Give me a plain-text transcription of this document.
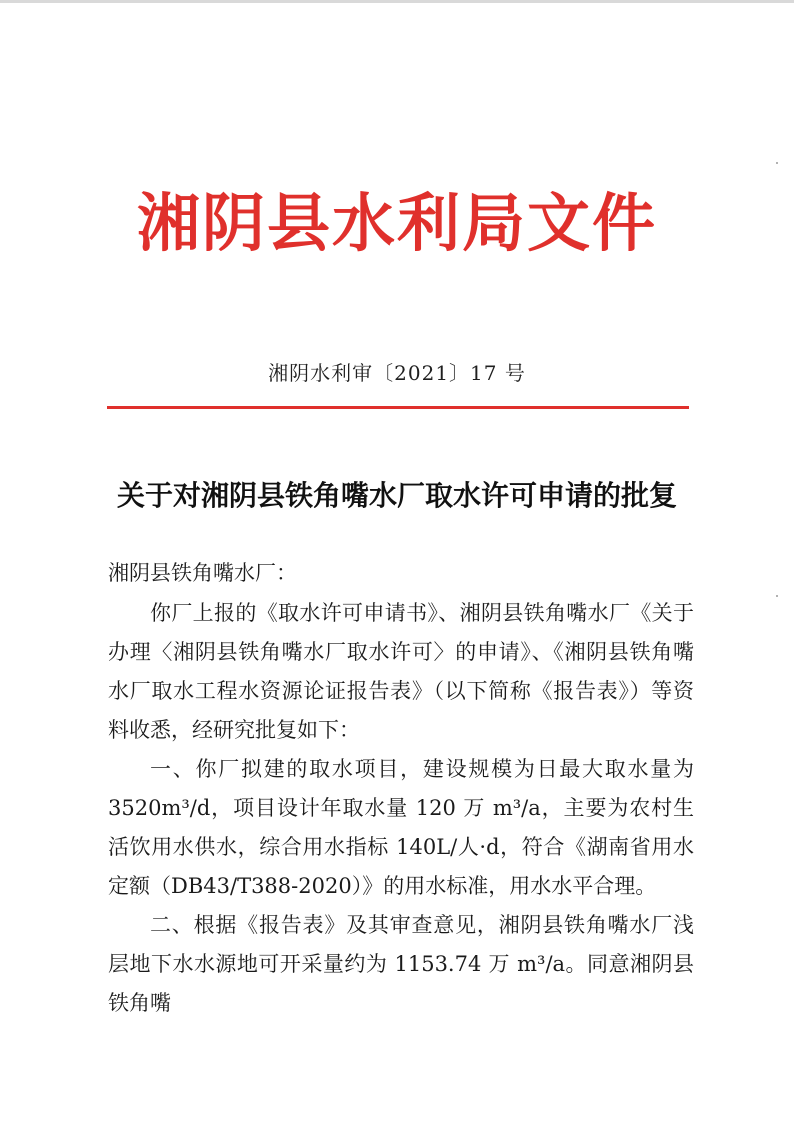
湘阴县水利局文件
湘阴水利审〔2021〕17 号
关于对湘阴县铁角嘴水厂取水许可申请的批复
湘阴县铁角嘴水厂：
你厂上报的《取水许可申请书》、湘阴县铁角嘴水厂《关于办理〈湘阴县铁角嘴水厂取水许可〉的申请》、《湘阴县铁角嘴水厂取水工程水资源论证报告表》（以下简称《报告表》）等资料收悉，经研究批复如下：
一、你厂拟建的取水项目，建设规模为日最大取水量为3520m³/d，项目设计年取水量 120 万 m³/a，主要为农村生活饮用水供水，综合用水指标 140L/人·d，符合《湖南省用水定额（DB43/T388-2020）》的用水标准，用水水平合理。
二、根据《报告表》及其审查意见，湘阴县铁角嘴水厂浅层地下水水源地可开采量约为 1153.74 万 m³/a。同意湘阴县铁角嘴
